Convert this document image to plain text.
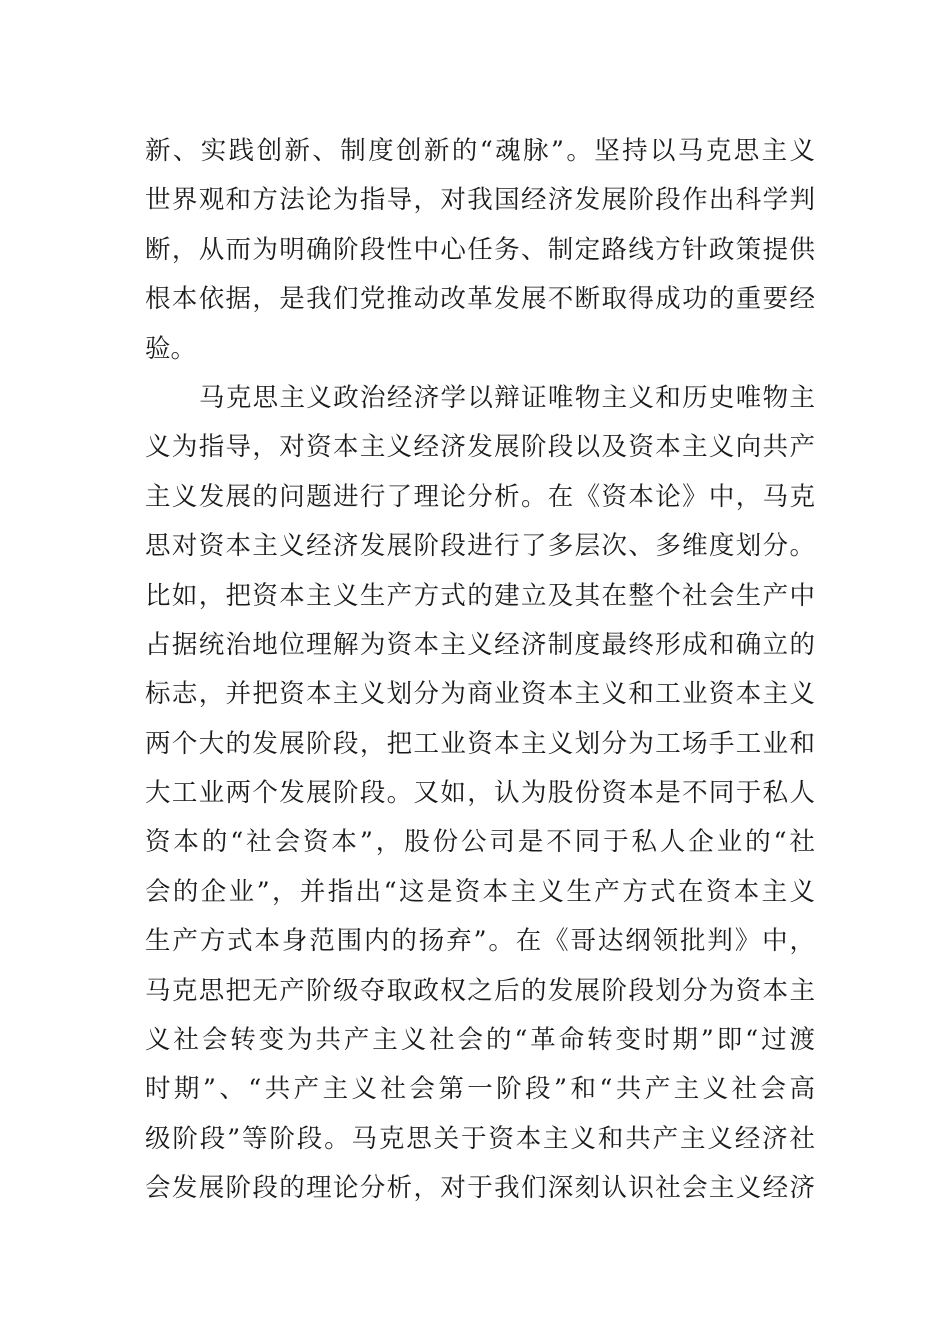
新、实践创新、制度创新的“魂脉”。坚持以马克思主义
世界观和方法论为指导，对我国经济发展阶段作出科学判
断，从而为明确阶段性中心任务、制定路线方针政策提供
根本依据，是我们党推动改革发展不断取得成功的重要经
验。
马克思主义政治经济学以辩证唯物主义和历史唯物主
义为指导，对资本主义经济发展阶段以及资本主义向共产
主义发展的问题进行了理论分析。在《资本论》中，马克
思对资本主义经济发展阶段进行了多层次、多维度划分。
比如，把资本主义生产方式的建立及其在整个社会生产中
占据统治地位理解为资本主义经济制度最终形成和确立的
标志，并把资本主义划分为商业资本主义和工业资本主义
两个大的发展阶段，把工业资本主义划分为工场手工业和
大工业两个发展阶段。又如，认为股份资本是不同于私人
资本的“社会资本”，股份公司是不同于私人企业的“社
会的企业”，并指出“这是资本主义生产方式在资本主义
生产方式本身范围内的扬弃”。在《哥达纲领批判》中，
马克思把无产阶级夺取政权之后的发展阶段划分为资本主
义社会转变为共产主义社会的“革命转变时期”即“过渡
时期”、“共产主义社会第一阶段”和“共产主义社会高
级阶段”等阶段。马克思关于资本主义和共产主义经济社
会发展阶段的理论分析，对于我们深刻认识社会主义经济
